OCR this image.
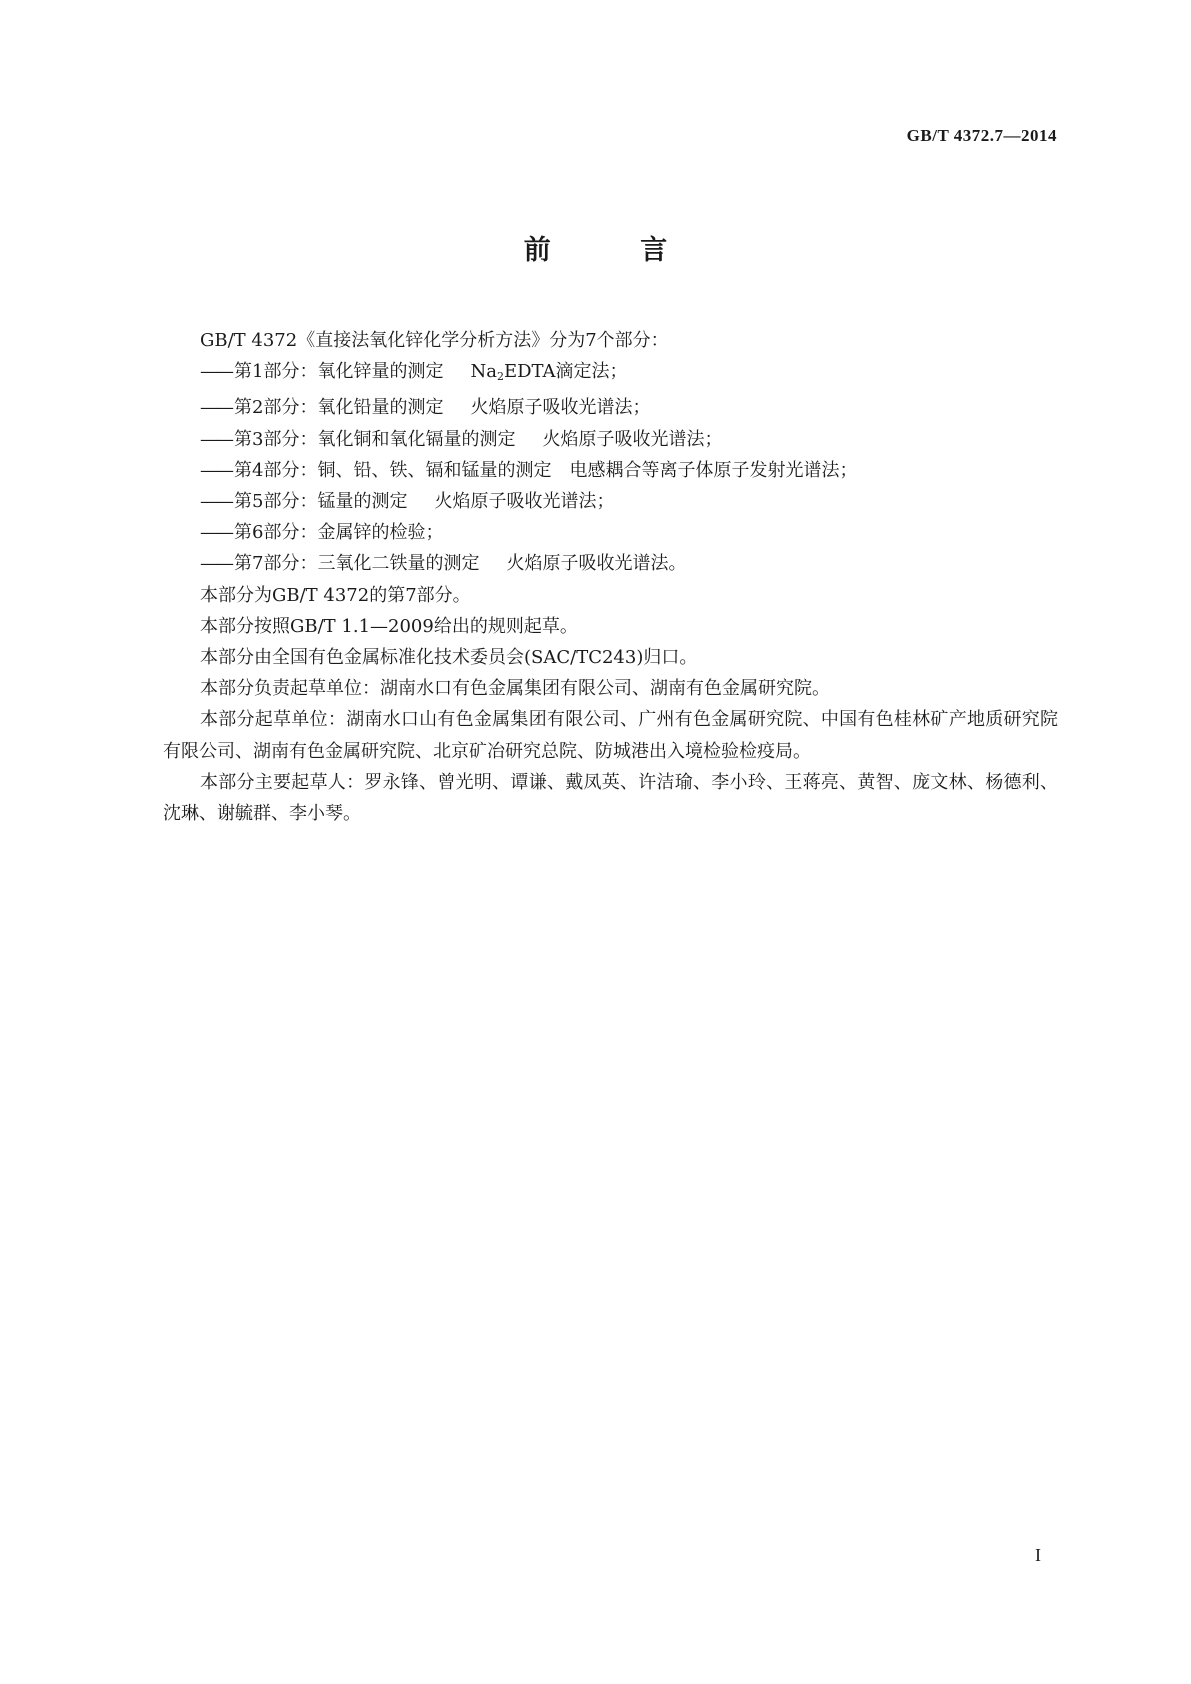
GB/T 4372.7—2014
前 言
GB/T 4372《直接法氧化锌化学分析方法》分为7个部分：
—— 第1部分：氧化锌量的测定   $Na_2EDTA$滴定法；
—— 第2部分：氧化铅量的测定   火焰原子吸收光谱法；
—— 第3部分：氧化铜和氧化镉量的测定   火焰原子吸收光谱法；
—— 第4部分：铜、铅、铁、镉和锰量的测定  电感耦合等离子体原子发射光谱法；
—— 第5部分：锰量的测定   火焰原子吸收光谱法；
—— 第6部分：金属锌的检验；
—— 第7部分：三氧化二铁量的测定   火焰原子吸收光谱法。
本部分为GB/T 4372的第7部分。
本部分按照GB/T 1.1—2009给出的规则起草。
本部分由全国有色金属标准化技术委员会(SAC/TC243)归口。
本部分负责起草单位：湖南水口有色金属集团有限公司、湖南有色金属研究院。
本部分起草单位：湖南水口山有色金属集团有限公司、广州有色金属研究院、中国有色桂林矿产地质研究院有限公司、湖南有色金属研究院、北京矿冶研究总院、防城港出入境检验检疫局。
本部分主要起草人：罗永锋、曾光明、谭谦、戴凤英、许洁瑜、李小玲、王蒋亮、黄智、庞文林、杨德利、沈琳、谢毓群、李小琴。
I
